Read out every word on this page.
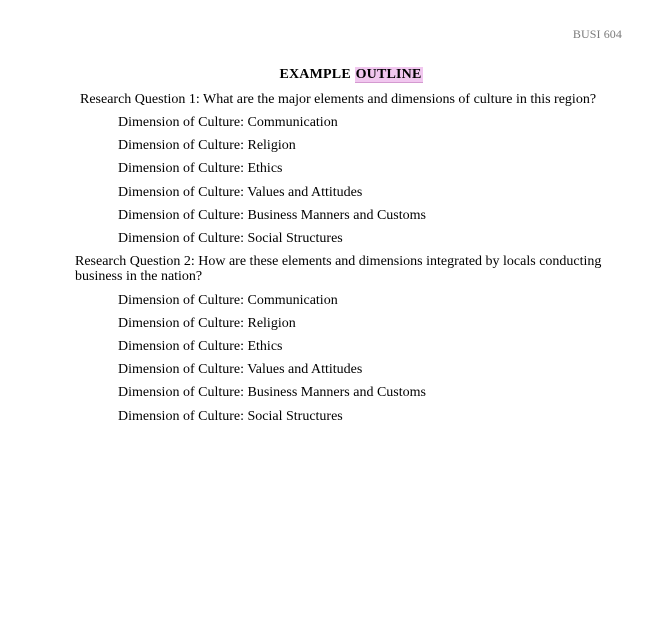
BUSI 604
EXAMPLE OUTLINE
Research Question 1: What are the major elements and dimensions of culture in this region?
Dimension of Culture: Communication
Dimension of Culture: Religion
Dimension of Culture: Ethics
Dimension of Culture: Values and Attitudes
Dimension of Culture: Business Manners and Customs
Dimension of Culture: Social Structures
Research Question 2: How are these elements and dimensions integrated by locals conducting business in the nation?
Dimension of Culture: Communication
Dimension of Culture: Religion
Dimension of Culture: Ethics
Dimension of Culture: Values and Attitudes
Dimension of Culture: Business Manners and Customs
Dimension of Culture: Social Structures
